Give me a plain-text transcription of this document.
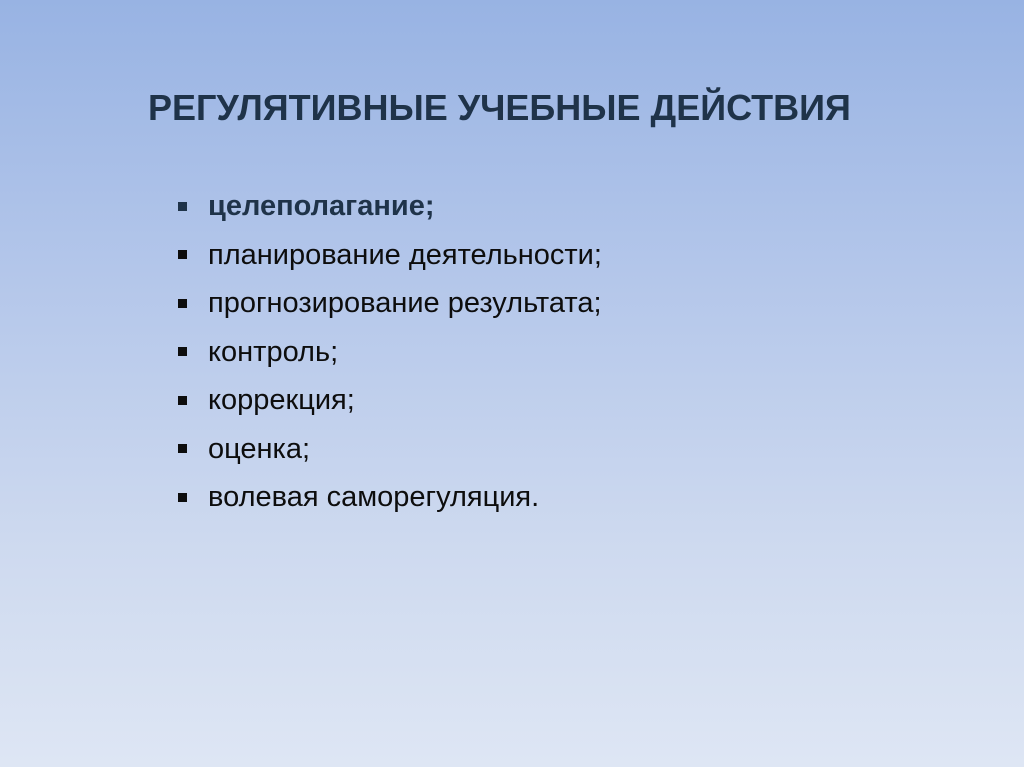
РЕГУЛЯТИВНЫЕ УЧЕБНЫЕ ДЕЙСТВИЯ
целеполагание;
планирование деятельности;
прогнозирование результата;
контроль;
коррекция;
оценка;
волевая саморегуляция.
